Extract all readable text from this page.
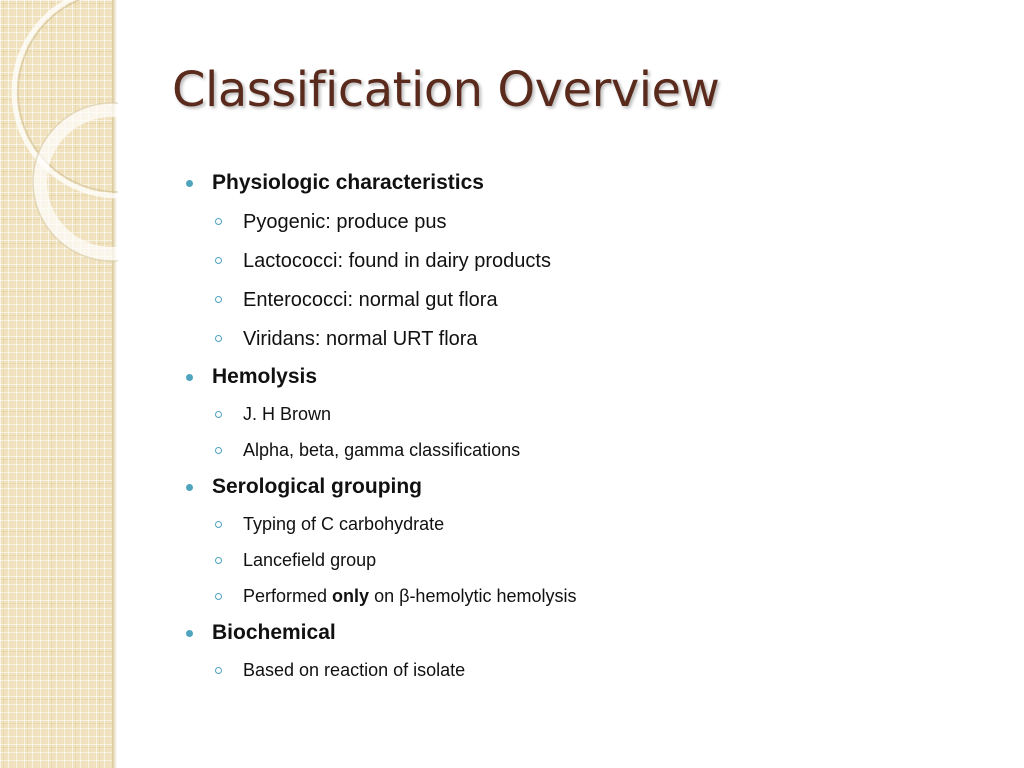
Classification Overview
Physiologic characteristics
Pyogenic: produce pus
Lactococci: found in dairy products
Enterococci: normal gut flora
Viridans: normal URT flora
Hemolysis
J. H Brown
Alpha, beta, gamma classifications
Serological grouping
Typing of C carbohydrate
Lancefield group
Performed only on β-hemolytic hemolysis
Biochemical
Based on reaction of isolate
